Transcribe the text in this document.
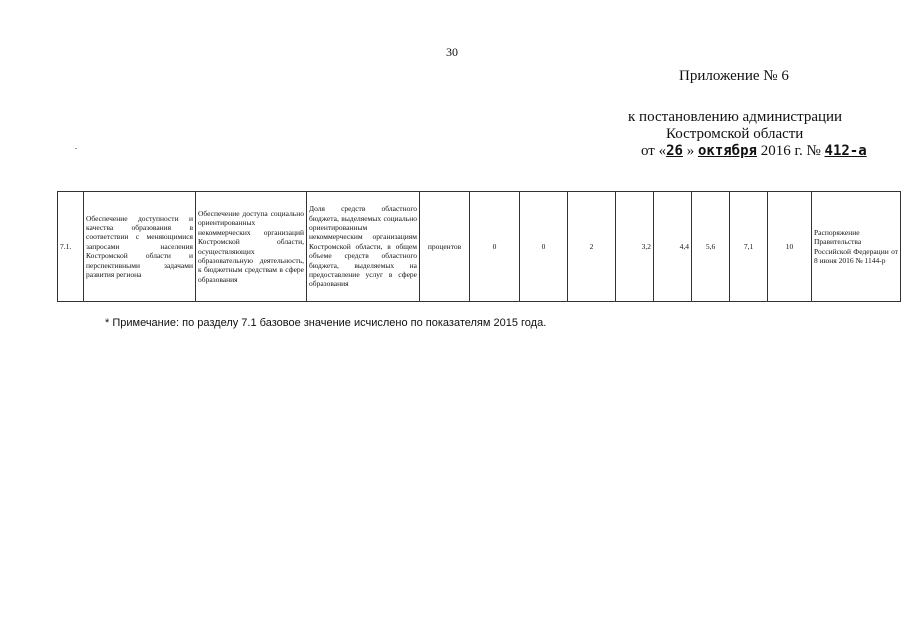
30
Приложение № 6
к постановлению администрации
Костромской области
от «26 » октября 2016 г. № 412-а
7.1.	Обеспечение доступности и качества образования в соответствии с меняющимися запросами населения Костромской области и перспективными задачами развития региона	Обеспечение доступа социально ориентированных некоммерческих организаций Костромской области, осуществляющих образовательную деятельность, к бюджетным средствам в сфере образования	Доля средств областного бюджета, выделяемых социально ориентированным некоммерческим организациям Костромской области, в общем объеме средств областного бюджета, выделяемых на предоставление услуг в сфере образования	процентов	0	0	2	3,2	4,4	5,6	7,1	10	Распоряжение Правительства Российской Федерации от 8 июня 2016 № 1144-р
* Примечание: по разделу 7.1 базовое значение исчислено по показателям 2015 года.
